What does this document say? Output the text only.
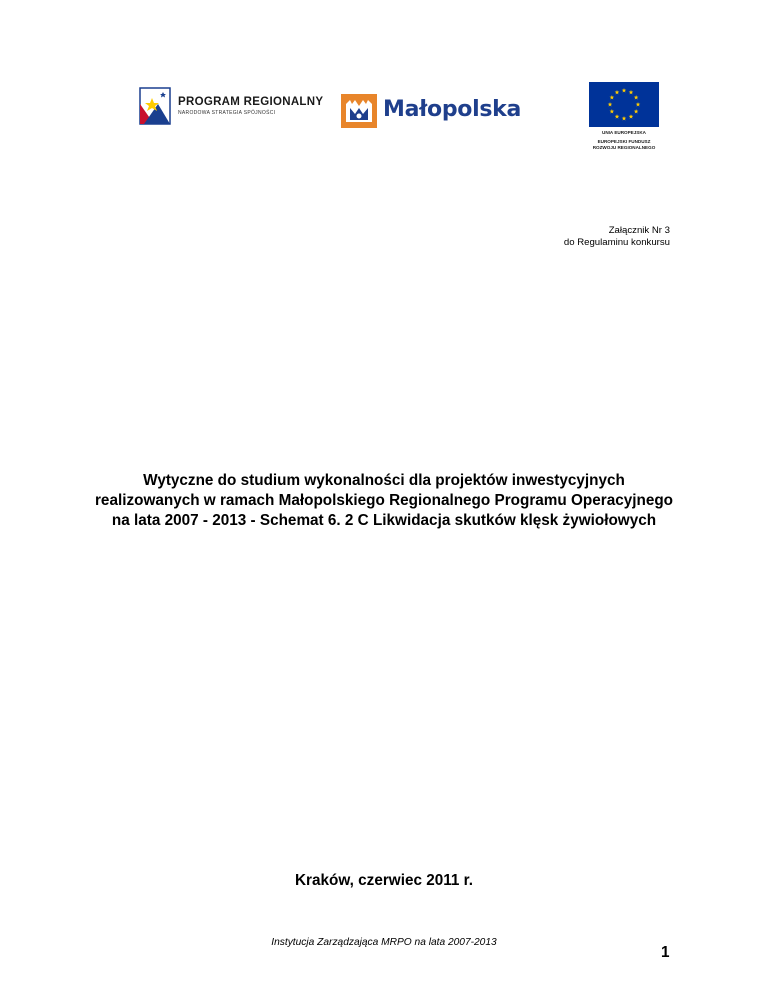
PROGRAM REGIONALNY
NARODOWA STRATEGIA SPÓJNOŚCI	Małopolska
UNIA EUROPEJSKA
EUROPEJSKI FUNDUSZ
ROZWOJU REGIONALNEGO
Załącznik Nr 3
do Regulaminu konkursu
Wytyczne do studium wykonalności dla projektów inwestycyjnych
realizowanych w ramach Małopolskiego Regionalnego Programu Operacyjnego
na lata 2007 - 2013 - Schemat 6. 2 C Likwidacja skutków klęsk żywiołowych
Kraków, czerwiec 2011 r.
Instytucja Zarządzająca MRPO na lata 2007-2013
1
